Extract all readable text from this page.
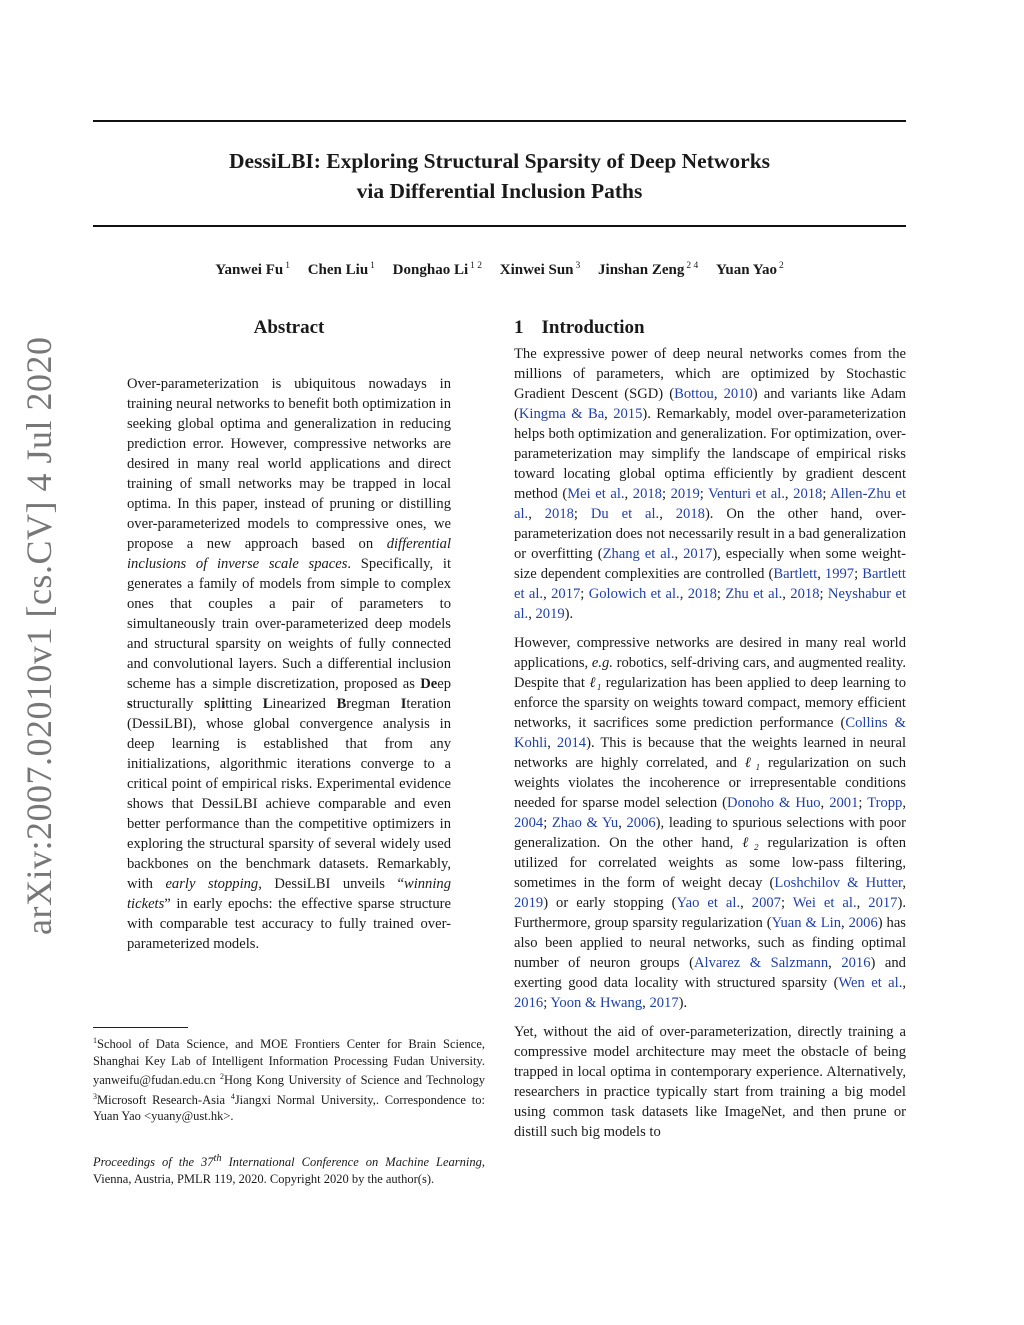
arXiv:2007.02010v1 [cs.CV] 4 Jul 2020
DessiLBI: Exploring Structural Sparsity of Deep Networks
via Differential Inclusion Paths
Yanwei Fu $^1$ Chen Liu $^1$ Donghao Li $^{1 2}$ Xinwei Sun $^3$ Jinshan Zeng $^{2 4}$ Yuan Yao $^2$
Abstract
Over-parameterization is ubiquitous nowadays in training neural networks to benefit both optimization in seeking global optima and generalization in reducing prediction error. However, compressive networks are desired in many real world applications and direct training of small networks may be trapped in local optima. In this paper, instead of pruning or distilling over-parameterized models to compressive ones, we propose a new approach based on differential inclusions of inverse scale spaces. Specifically, it generates a family of models from simple to complex ones that couples a pair of parameters to simultaneously train over-parameterized deep models and structural sparsity on weights of fully connected and convolutional layers. Such a differential inclusion scheme has a simple discretization, proposed as Deep structurally splitting Linearized Bregman Iteration (DessiLBI), whose global convergence analysis in deep learning is established that from any initializations, algorithmic iterations converge to a critical point of empirical risks. Experimental evidence shows that DessiLBI achieve comparable and even better performance than the competitive optimizers in exploring the structural sparsity of several widely used backbones on the benchmark datasets. Remarkably, with early stopping, DessiLBI unveils “winning tickets” in early epochs: the effective sparse structure with comparable test accuracy to fully trained over-parameterized models.
$^1$School of Data Science, and MOE Frontiers Center for Brain Science, Shanghai Key Lab of Intelligent Information Processing Fudan University. yanweifu@fudan.edu.cn $^2$Hong Kong University of Science and Technology $^3$Microsoft Research-Asia $^4$Jiangxi Normal University,. Correspondence to: Yuan Yao <yuany@ust.hk>.
Proceedings of the 37th International Conference on Machine Learning, Vienna, Austria, PMLR 119, 2020. Copyright 2020 by the author(s).
1 Introduction

The expressive power of deep neural networks comes from the millions of parameters, which are optimized by Stochastic Gradient Descent (SGD) (Bottou, 2010) and variants like Adam (Kingma & Ba, 2015). Remarkably, model over-parameterization helps both optimization and generalization. For optimization, over-parameterization may simplify the landscape of empirical risks toward locating global optima efficiently by gradient descent method (Mei et al., 2018; 2019; Venturi et al., 2018; Allen-Zhu et al., 2018; Du et al., 2018). On the other hand, over-parameterization does not necessarily result in a bad generalization or overfitting (Zhang et al., 2017), especially when some weight-size dependent complexities are controlled (Bartlett, 1997; Bartlett et al., 2017; Golowich et al., 2018; Zhu et al., 2018; Neyshabur et al., 2019).

However, compressive networks are desired in many real world applications, e.g. robotics, self-driving cars, and augmented reality. Despite that ℓ₁ regularization has been applied to deep learning to enforce the sparsity on weights toward compact, memory efficient networks, it sacrifices some prediction performance (Collins & Kohli, 2014). This is because that the weights learned in neural networks are highly correlated, and ℓ₁ regularization on such weights violates the incoherence or irrepresentable conditions needed for sparse model selection (Donoho & Huo, 2001; Tropp, 2004; Zhao & Yu, 2006), leading to spurious selections with poor generalization. On the other hand, ℓ₂ regularization is often utilized for correlated weights as some low-pass filtering, sometimes in the form of weight decay (Loshchilov & Hutter, 2019) or early stopping (Yao et al., 2007; Wei et al., 2017). Furthermore, group sparsity regularization (Yuan & Lin, 2006) has also been applied to neural networks, such as finding optimal number of neuron groups (Alvarez & Salzmann, 2016) and exerting good data locality with structured sparsity (Wen et al., 2016; Yoon & Hwang, 2017).

Yet, without the aid of over-parameterization, directly training a compressive model architecture may meet the obstacle of being trapped in local optima in contemporary experience. Alternatively, researchers in practice typically start from training a big model using common task datasets like ImageNet, and then prune or distill such big models to
